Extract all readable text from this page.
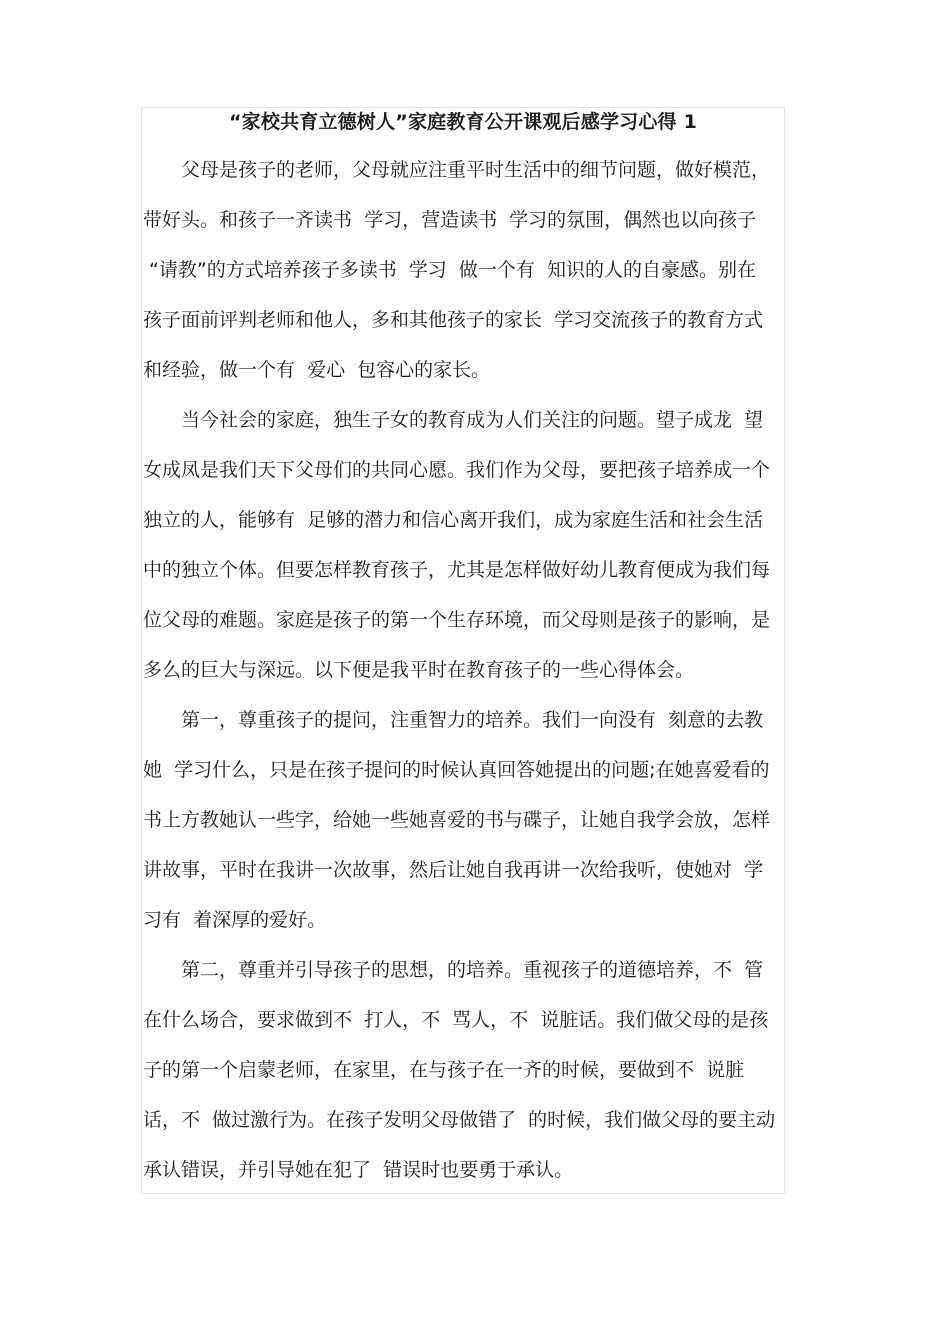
“家校共育立德树人”家庭教育公开课观后感学习心得 1
父母是孩子的老师，父母就应注重平时生活中的细节问题，做好模范，
带好头。和孩子一齐读书  学习，营造读书  学习的氛围，偶然也以向孩子
“请教”的方式培养孩子多读书  学习  做一个有  知识的人的自豪感。别在
孩子面前评判老师和他人，多和其他孩子的家长  学习交流孩子的教育方式
和经验，做一个有  爱心  包容心的家长。
当今社会的家庭，独生子女的教育成为人们关注的问题。望子成龙  望
女成凤是我们天下父母们的共同心愿。我们作为父母，要把孩子培养成一个
独立的人，能够有  足够的潜力和信心离开我们，成为家庭生活和社会生活
中的独立个体。但要怎样教育孩子，尤其是怎样做好幼儿教育便成为我们每
位父母的难题。家庭是孩子的第一个生存环境，而父母则是孩子的影响，是
多么的巨大与深远。以下便是我平时在教育孩子的一些心得体会。
第一，尊重孩子的提问，注重智力的培养。我们一向没有  刻意的去教
她  学习什么，只是在孩子提问的时候认真回答她提出的问题;在她喜爱看的
书上方教她认一些字，给她一些她喜爱的书与碟子，让她自我学会放，怎样
讲故事，平时在我讲一次故事，然后让她自我再讲一次给我听，使她对  学
习有  着深厚的爱好。
第二，尊重并引导孩子的思想，的培养。重视孩子的道德培养，不  管
在什么场合，要求做到不  打人，不  骂人，不  说脏话。我们做父母的是孩
子的第一个启蒙老师，在家里，在与孩子在一齐的时候，要做到不  说脏
话，不  做过激行为。在孩子发明父母做错了  的时候，我们做父母的要主动
承认错误，并引导她在犯了  错误时也要勇于承认。
